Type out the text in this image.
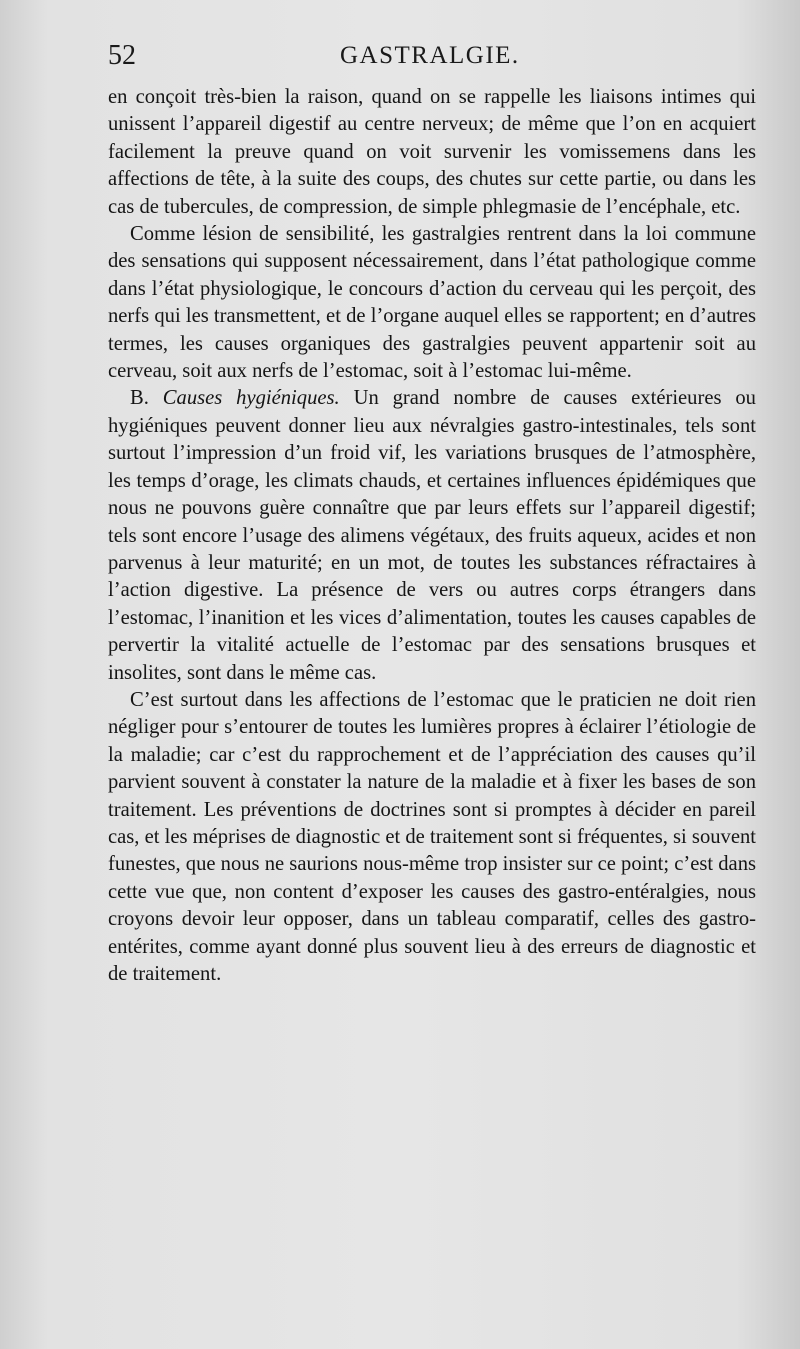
52	GASTRALGIE.

en conçoit très-bien la raison, quand on se rappelle les liaisons intimes qui unissent l’appareil digestif au centre nerveux; de même que l’on en acquiert facilement la preuve quand on voit survenir les vomissemens dans les affections de tête, à la suite des coups, des chutes sur cette partie, ou dans les cas de tubercules, de compression, de simple phlegmasie de l’encéphale, etc.

Comme lésion de sensibilité, les gastralgies rentrent dans la loi commune des sensations qui supposent nécessairement, dans l’état pathologique comme dans l’état physiologique, le concours d’action du cerveau qui les perçoit, des nerfs qui les transmettent, et de l’organe auquel elles se rapportent; en d’autres termes, les causes organiques des gastralgies peuvent appartenir soit au cerveau, soit aux nerfs de l’estomac, soit à l’estomac lui-même.

B. Causes hygiéniques. Un grand nombre de causes extérieures ou hygiéniques peuvent donner lieu aux névralgies gastro-intestinales, tels sont surtout l’impression d’un froid vif, les variations brusques de l’atmosphère, les temps d’orage, les climats chauds, et certaines influences épidémiques que nous ne pouvons guère connaître que par leurs effets sur l’appareil digestif; tels sont encore l’usage des alimens végétaux, des fruits aqueux, acides et non parvenus à leur maturité; en un mot, de toutes les substances réfractaires à l’action digestive. La présence de vers ou autres corps étrangers dans l’estomac, l’inanition et les vices d’alimentation, toutes les causes capables de pervertir la vitalité actuelle de l’estomac par des sensations brusques et insolites, sont dans le même cas.

C’est surtout dans les affections de l’estomac que le praticien ne doit rien négliger pour s’entourer de toutes les lumières propres à éclairer l’étiologie de la maladie; car c’est du rapprochement et de l’appréciation des causes qu’il parvient souvent à constater la nature de la maladie et à fixer les bases de son traitement. Les préventions de doctrines sont si promptes à décider en pareil cas, et les méprises de diagnostic et de traitement sont si fréquentes, si souvent funestes, que nous ne saurions nous-même trop insister sur ce point; c’est dans cette vue que, non content d’exposer les causes des gastro-entéralgies, nous croyons devoir leur opposer, dans un tableau comparatif, celles des gastro-entérites, comme ayant donné plus souvent lieu à des erreurs de diagnostic et de traitement.
